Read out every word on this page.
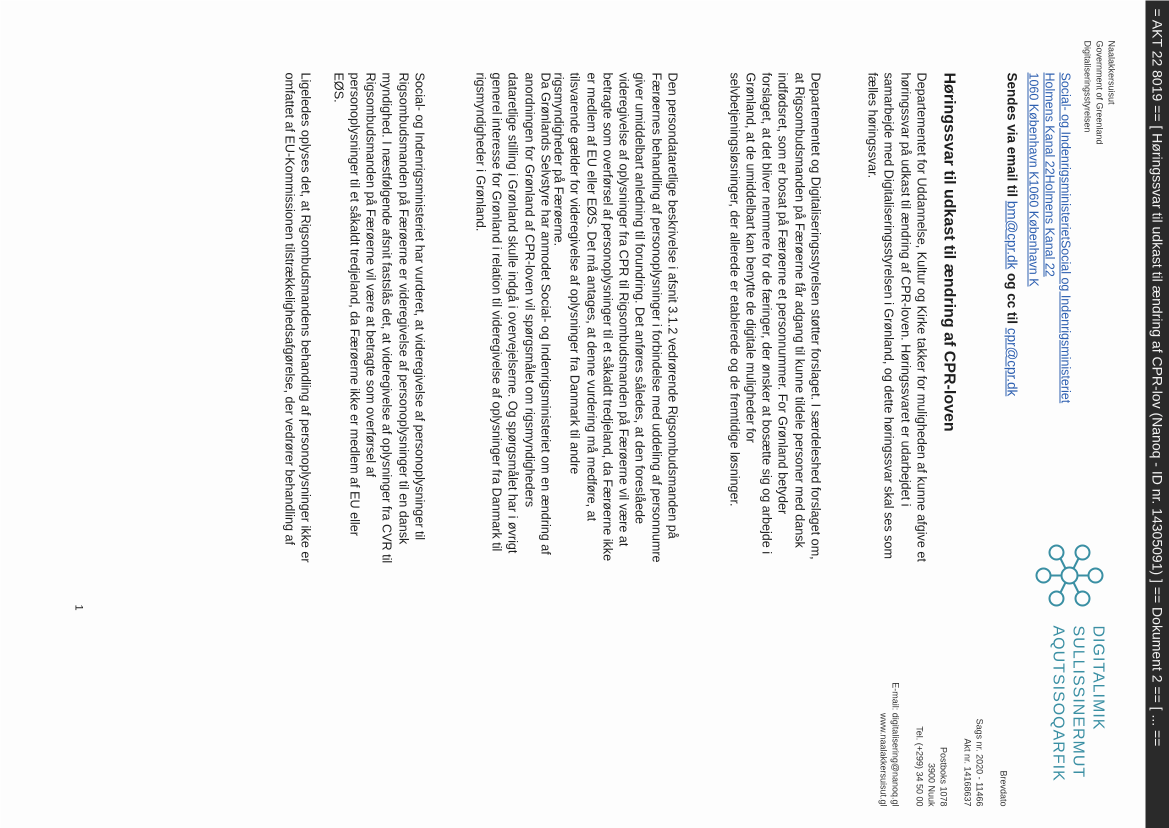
= AKT 22 8019 == [ Høringssvar til udkast til ændring af CPR-lov (Nanoq - ID nr. 14305091) ] == Dokument 2 == [ ... ==
Naalakkersuisut
Government of Greenland
Digitaliseringsstyrelsen
DIGITALIMIK
SULLISSINERMUT
AQUTSISOQARFIK
Brevdato

Sags nr. 2020 - 11466
Akt nr. 14168637

Postboks 1078
3900 Nuuk
Tel. (+299) 34 50 00

E-mail: digitalisering@nanoq.gl
www.naalakkersuisut.gl
Social- og IndenrigsministerietSocial og Indenrigsministeriet
Holmens Kanal 22Holmens Kanal 22
1060 København K1060 København K
Sendes via email til bm@cpr.dk og cc til cpr@cpr.dk
Høringssvar til udkast til ændring af CPR-loven
Departementet for Uddannelse, Kultur og Kirke takker for muligheden af kunne afgive et
høringssvar på udkast til ændring af CPR-loven. Høringssvaret er udarbejdet i
samarbejde med Digitaliseringsstyrelsen i Grønland, og dette høringssvar skal ses som
fælles høringssvar.
Departementet og Digitaliseringsstyrelsen støtter forslaget. I særdeleshed forslaget om,
at Rigsombudsmanden på Færøerne får adgang til kunne tildele personer med dansk
indfødsret, som er bosat på Færøerne et personnummer. For Grønland betyder
forslaget, at det bliver nemmere for de færinger, der ønsker at bosætte sig og arbejde i
Grønland, at de umiddelbart kan benytte de digitale muligheder for
selvbetjeningsløsninger, der allerede er etablerede og de fremtidige løsninger.
Den persondataretlige beskrivelse i afsnit 3.1.2 vedrørende Rigsombudsmanden på
Færøernes behandling af personoplysninger i forbindelse med uddeling af personnumre
giver umiddelbart anledning til forundring. Det anføres således, at den foreslåede
videregivelse af oplysninger fra CPR til Rigsombudsmanden på Færøerne vil være at
betragte som overførsel af personoplysninger til et såkaldt tredjeland, da Færøerne ikke
er medlem af EU eller EØS. Det må antages, at denne vurdering må medføre, at
tilsvarende gælder for videregivelse af oplysninger fra Danmark til andre
rigsmyndigheder på Færøerne.
Da Grønlands Selvstyre har anmodet Social- og Indenrigsministeriet om en ændring af
anordningen for Grønland af CPR-loven vil spørgsmålet om rigsmyndigheders
dataretlige stilling i Grønland skulle indgå i overvejelserne. Og spørgsmålet har i øvrigt
generel interesse for Grønland i relation til videregivelse af oplysninger fra Danmark til
rigsmyndigheder i Grønland.
Social- og Indenrigsministeriet har vurderet, at videregivelse af personoplysninger til
Rigsombudsmanden på Færøerne er videregivelse af personoplysninger til en dansk
myndighed. I næstfølgende afsnit fastslås det, at videregivelse af oplysninger fra CVR til
Rigsombudsmanden på Færøerne vil være at betragte som overførsel af
personoplysninger til et såkaldt tredjeland, da Færøerne ikke er medlem af EU eller
EØS.
Ligeledes oplyses det, at Rigsombudsmandens behandling af personoplysninger ikke er
omfattet af EU-Kommissionen tilstrækkelighedsafgørelse, der vedrører behandling af
1
